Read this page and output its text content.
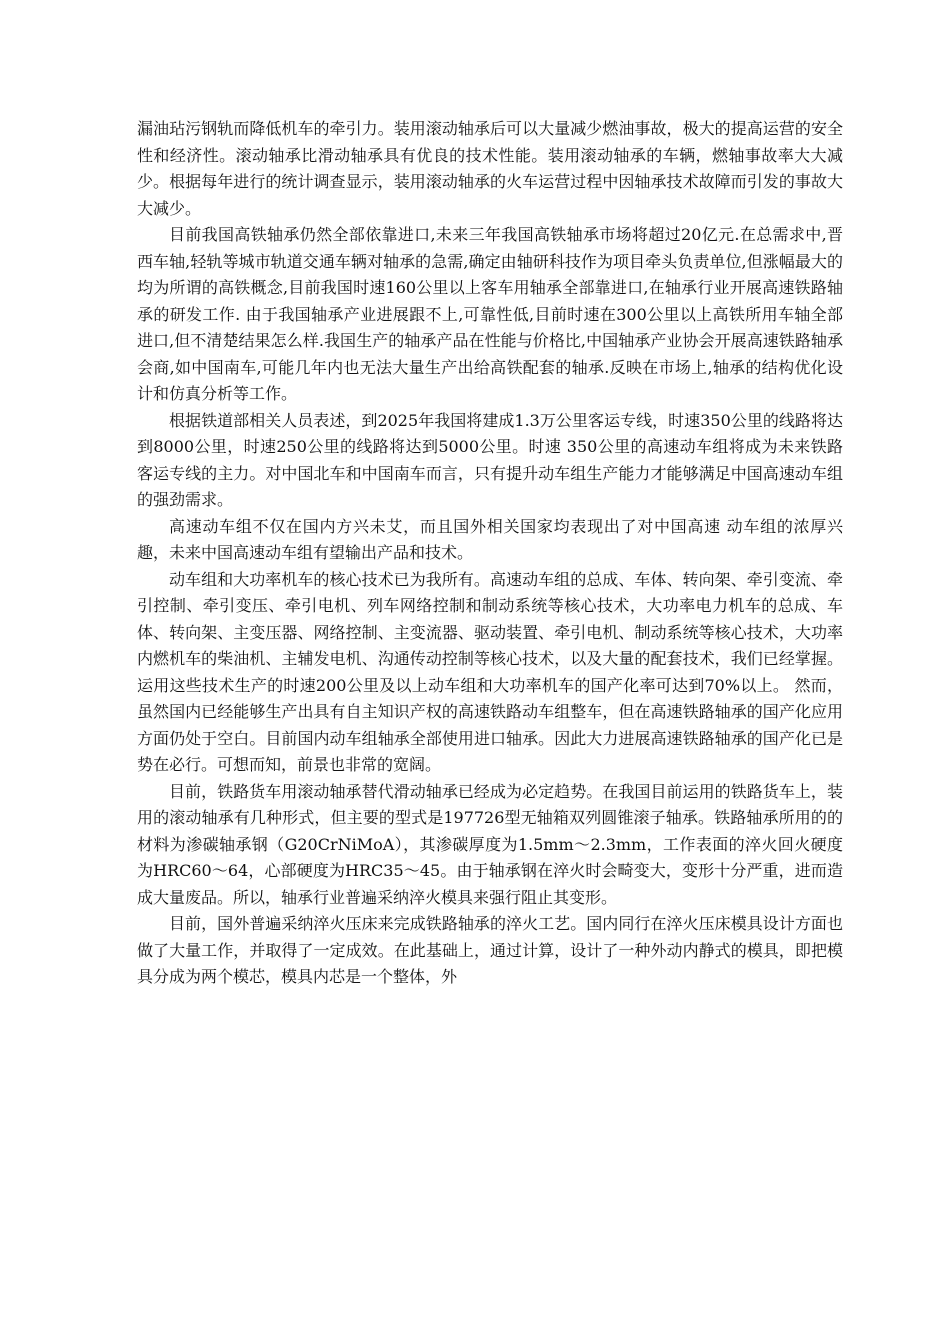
漏油玷污钢轨而降低机车的牵引力。装用滚动轴承后可以大量减少燃油事故，极大的提高运营的安全性和经济性。滚动轴承比滑动轴承具有优良的技术性能。装用滚动轴承的车辆，燃轴事故率大大减少。根据每年进行的统计调查显示，装用滚动轴承的火车运营过程中因轴承技术故障而引发的事故大大减少。

目前我国高铁轴承仍然全部依靠进口,未来三年我国高铁轴承市场将超过20亿元.在总需求中,晋西车轴,轻轨等城市轨道交通车辆对轴承的急需,确定由轴研科技作为项目牵头负责单位,但涨幅最大的均为所谓的高铁概念,目前我国时速160公里以上客车用轴承全部靠进口,在轴承行业开展高速铁路轴承的研发工作. 由于我国轴承产业进展跟不上,可靠性低,目前时速在300公里以上高铁所用车轴全部进口,但不清楚结果怎么样.我国生产的轴承产品在性能与价格比,中国轴承产业协会开展高速铁路轴承会商,如中国南车,可能几年内也无法大量生产出给高铁配套的轴承.反映在市场上,轴承的结构优化设计和仿真分析等工作。

根据铁道部相关人员表述，到2025年我国将建成1.3万公里客运专线，时速350公里的线路将达到8000公里，时速250公里的线路将达到5000公里。时速 350公里的高速动车组将成为未来铁路客运专线的主力。对中国北车和中国南车而言，只有提升动车组生产能力才能够满足中国高速动车组的强劲需求。

高速动车组不仅在国内方兴未艾，而且国外相关国家均表现出了对中国高速 动车组的浓厚兴趣，未来中国高速动车组有望输出产品和技术。

动车组和大功率机车的核心技术已为我所有。高速动车组的总成、车体、转向架、牵引变流、牵引控制、牵引变压、牵引电机、列车网络控制和制动系统等核心技术，大功率电力机车的总成、车体、转向架、主变压器、网络控制、主变流器、驱动装置、牵引电机、制动系统等核心技术，大功率内燃机车的柴油机、主辅发电机、沟通传动控制等核心技术，以及大量的配套技术，我们已经掌握。运用这些技术生产的时速200公里及以上动车组和大功率机车的国产化率可达到70%以上。 然而，虽然国内已经能够生产出具有自主知识产权的高速铁路动车组整车，但在高速铁路轴承的国产化应用方面仍处于空白。目前国内动车组轴承全部使用进口轴承。因此大力进展高速铁路轴承的国产化已是势在必行。可想而知，前景也非常的宽阔。

目前，铁路货车用滚动轴承替代滑动轴承已经成为必定趋势。在我国目前运用的铁路货车上，装用的滚动轴承有几种形式，但主要的型式是197726型无轴箱双列圆锥滚子轴承。铁路轴承所用的的材料为渗碳轴承钢（G20CrNiMoA），其渗碳厚度为1.5mm～2.3mm，工作表面的淬火回火硬度为HRC60～64，心部硬度为HRC35～45。由于轴承钢在淬火时会畸变大，变形十分严重，进而造成大量废品。所以，轴承行业普遍采纳淬火模具来强行阻止其变形。

目前，国外普遍采纳淬火压床来完成铁路轴承的淬火工艺。国内同行在淬火压床模具设计方面也做了大量工作，并取得了一定成效。在此基础上，通过计算，设计了一种外动内静式的模具，即把模具分成为两个模芯，模具内芯是一个整体，外
